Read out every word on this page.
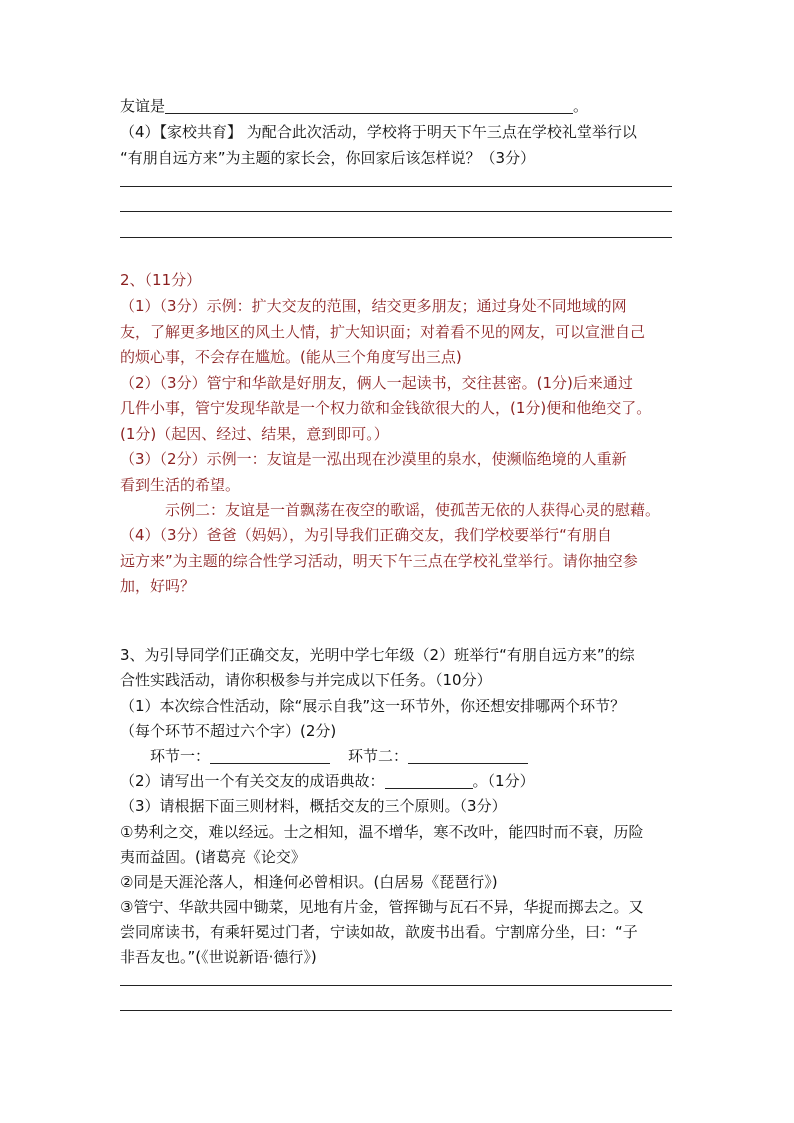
友谊是	。
（4）【家校共育】 为配合此次活动，学校将于明天下午三点在学校礼堂举行以
“有朋自远方来”为主题的家长会，你回家后该怎样说？（3分）
2、（11分）
（1）（3分）示例：扩大交友的范围，结交更多朋友；通过身处不同地域的网
友，了解更多地区的风土人情，扩大知识面；对着看不见的网友，可以宣泄自己
的烦心事，不会存在尴尬。(能从三个角度写出三点)
（2）（3分）管宁和华歆是好朋友，俩人一起读书，交往甚密。(1分)后来通过
几件小事，管宁发现华歆是一个权力欲和金钱欲很大的人，(1分)便和他绝交了。
(1分)（起因、经过、结果，意到即可。）
（3）（2分）示例一：友谊是一泓出现在沙漠里的泉水，使濒临绝境的人重新
看到生活的希望。
示例二：友谊是一首飘荡在夜空的歌谣，使孤苦无依的人获得心灵的慰藉。
（4）（3分）爸爸（妈妈），为引导我们正确交友，我们学校要举行“有朋自
远方来”为主题的综合性学习活动，明天下午三点在学校礼堂举行。请你抽空参
加，好吗？
3、为引导同学们正确交友，光明中学七年级（2）班举行“有朋自远方来”的综
合性实践活动，请你积极参与并完成以下任务。（10分）
（1）本次综合性活动，除“展示自我”这一环节外，你还想安排哪两个环节？
（每个环节不超过六个字）(2分)
环节一：	环节二：
（2）请写出一个有关交友的成语典故：	。（1分）
（3）请根据下面三则材料，概括交友的三个原则。（3分）
①势利之交，难以经远。士之相知，温不增华，寒不改叶，能四时而不衰，历险
夷而益固。(诸葛亮《论交》
②同是天涯沦落人，相逢何必曾相识。(白居易《琵琶行》)
③管宁、华歆共园中锄菜，见地有片金，管挥锄与瓦石不异，华捉而掷去之。又
尝同席读书，有乘轩冕过门者，宁读如故，歆废书出看。宁割席分坐，曰：“子
非吾友也。”(《世说新语·德行》)
